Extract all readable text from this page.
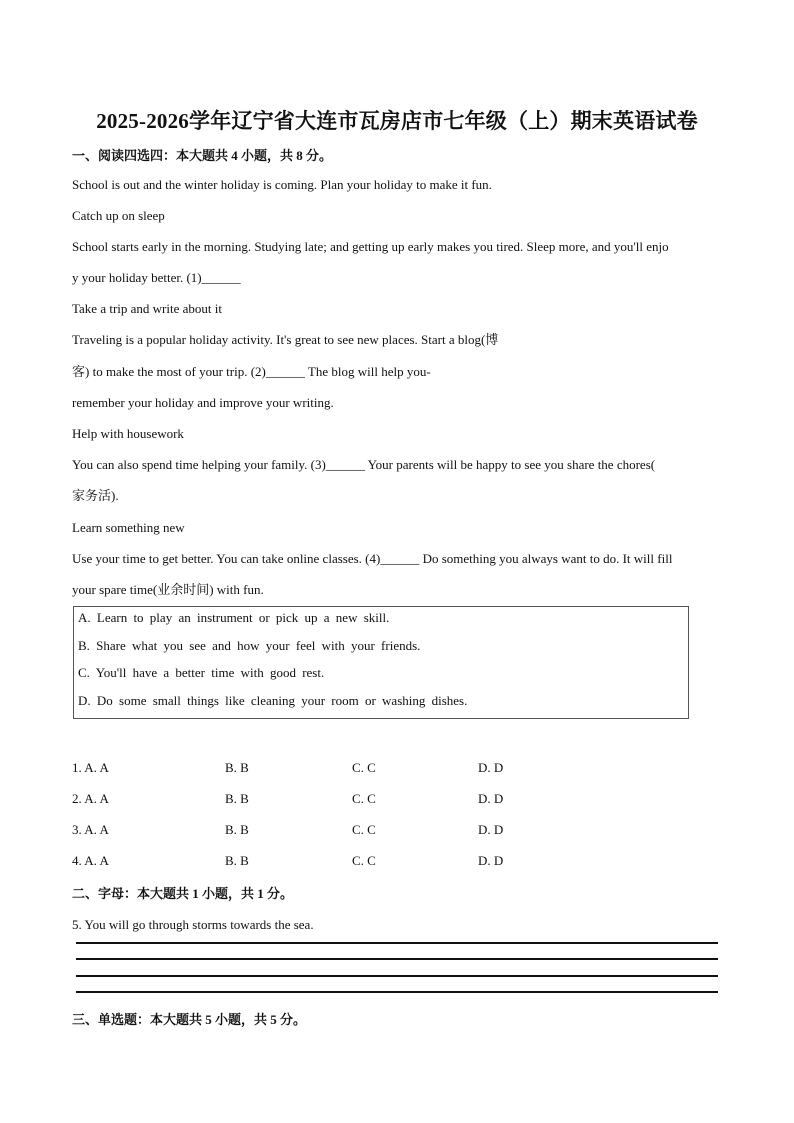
2025-2026学年辽宁省大连市瓦房店市七年级（上）期末英语试卷
一、阅读四选四：本大题共 4 小题，共 8 分。
School is out and the winter holiday is coming. Plan your holiday to make it fun.
Catch up on sleep
School starts early in the morning. Studying late; and getting up early makes you tired. Sleep more, and you'll enjo
y your holiday better. (1)______
Take a trip and write about it
Traveling is a popular holiday activity. It's great to see new places. Start a blog(博
客) to make the most of your trip. (2)______ The blog will help you-
remember your holiday and improve your writing.
Help with housework
You can also spend time helping your family. (3)______ Your parents will be happy to see you share the chores(
家务活).
Learn something new
Use your time to get better. You can take online classes. (4)______ Do something you always want to do. It will fill
your spare time(业余时间) with fun.
A. Learn to play an instrument or pick up a new skill.
B. Share what you see and how your feel with your friends.
C. You'll have a better time with good rest.
D. Do some small things like cleaning your room or washing dishes.
1. A. A	B. B	C. C	D. D
2. A. A	B. B	C. C	D. D
3. A. A	B. B	C. C	D. D
4. A. A	B. B	C. C	D. D
二、字母：本大题共 1 小题，共 1 分。
5. You will go through storms towards the sea.
三、单选题：本大题共 5 小题，共 5 分。
